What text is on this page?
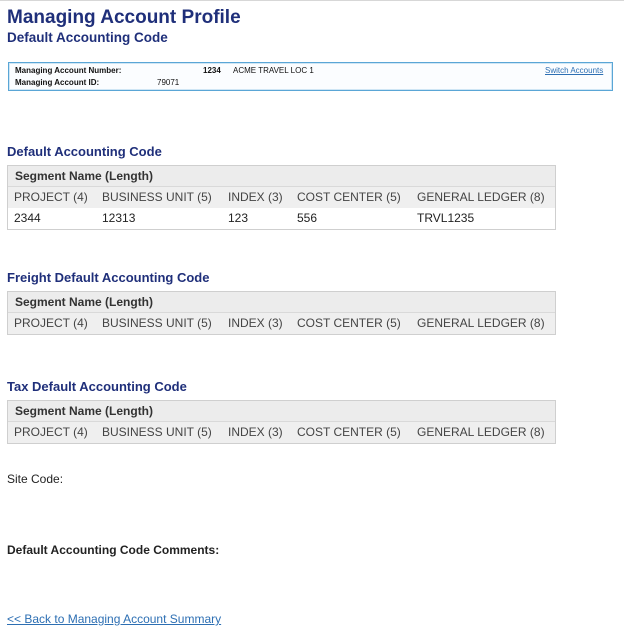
Managing Account Profile
Default Accounting Code
Managing Account Number:	1234 ACME TRAVEL LOC 1
Managing Account ID:	79071
Switch Accounts
Default Accounting Code
Segment Name (Length)
PROJECT (4) BUSINESS UNIT (5) INDEX (3) COST CENTER (5) GENERAL LEDGER (8)
2344	12313	123	556	TRVL1235
Freight Default Accounting Code
Segment Name (Length)
PROJECT (4) BUSINESS UNIT (5) INDEX (3) COST CENTER (5) GENERAL LEDGER (8)
Tax Default Accounting Code
Segment Name (Length)
PROJECT (4) BUSINESS UNIT (5) INDEX (3) COST CENTER (5) GENERAL LEDGER (8)
Site Code:
Default Accounting Code Comments:
<< Back to Managing Account Summary
